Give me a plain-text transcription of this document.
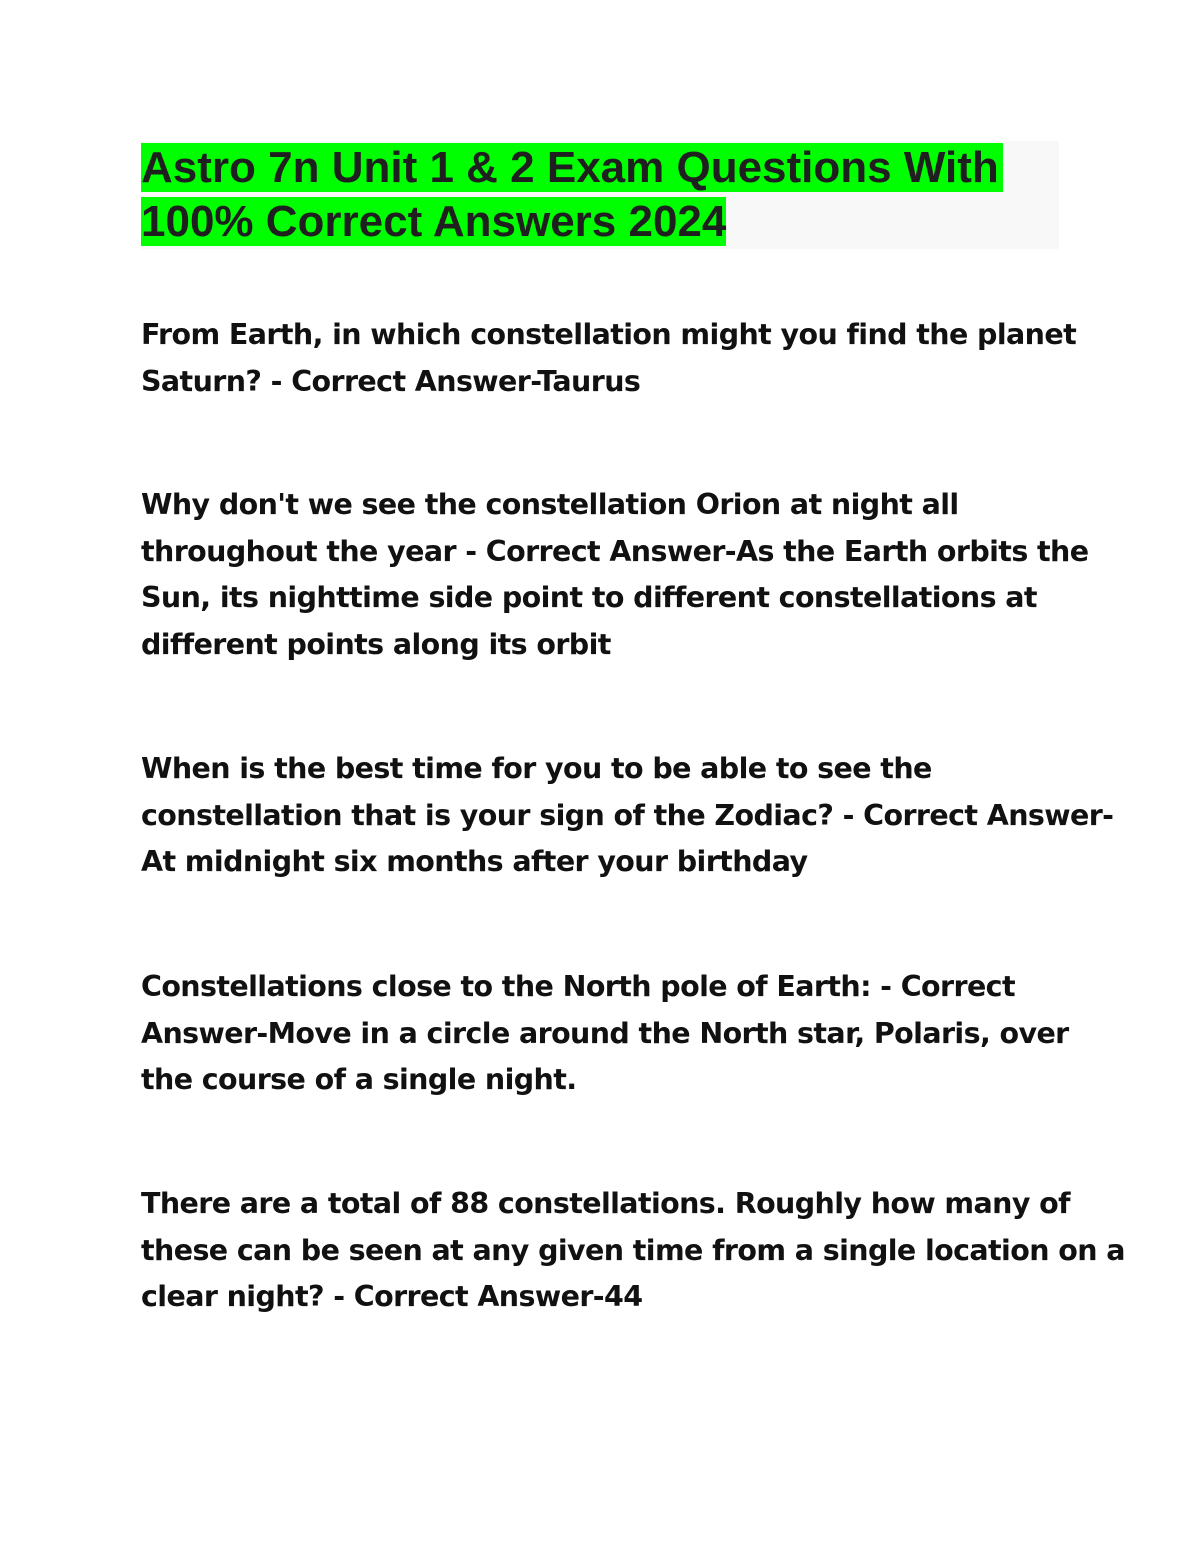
Astro 7n Unit 1 & 2 Exam Questions With
100% Correct Answers 2024
From Earth, in which constellation might you find the planet
Saturn? - Correct Answer-Taurus
Why don't we see the constellation Orion at night all
throughout the year - Correct Answer-As the Earth orbits the
Sun, its nighttime side point to different constellations at
different points along its orbit
When is the best time for you to be able to see the
constellation that is your sign of the Zodiac? - Correct Answer-
At midnight six months after your birthday
Constellations close to the North pole of Earth: - Correct
Answer-Move in a circle around the North star, Polaris, over
the course of a single night.
There are a total of 88 constellations. Roughly how many of
these can be seen at any given time from a single location on a
clear night? - Correct Answer-44
